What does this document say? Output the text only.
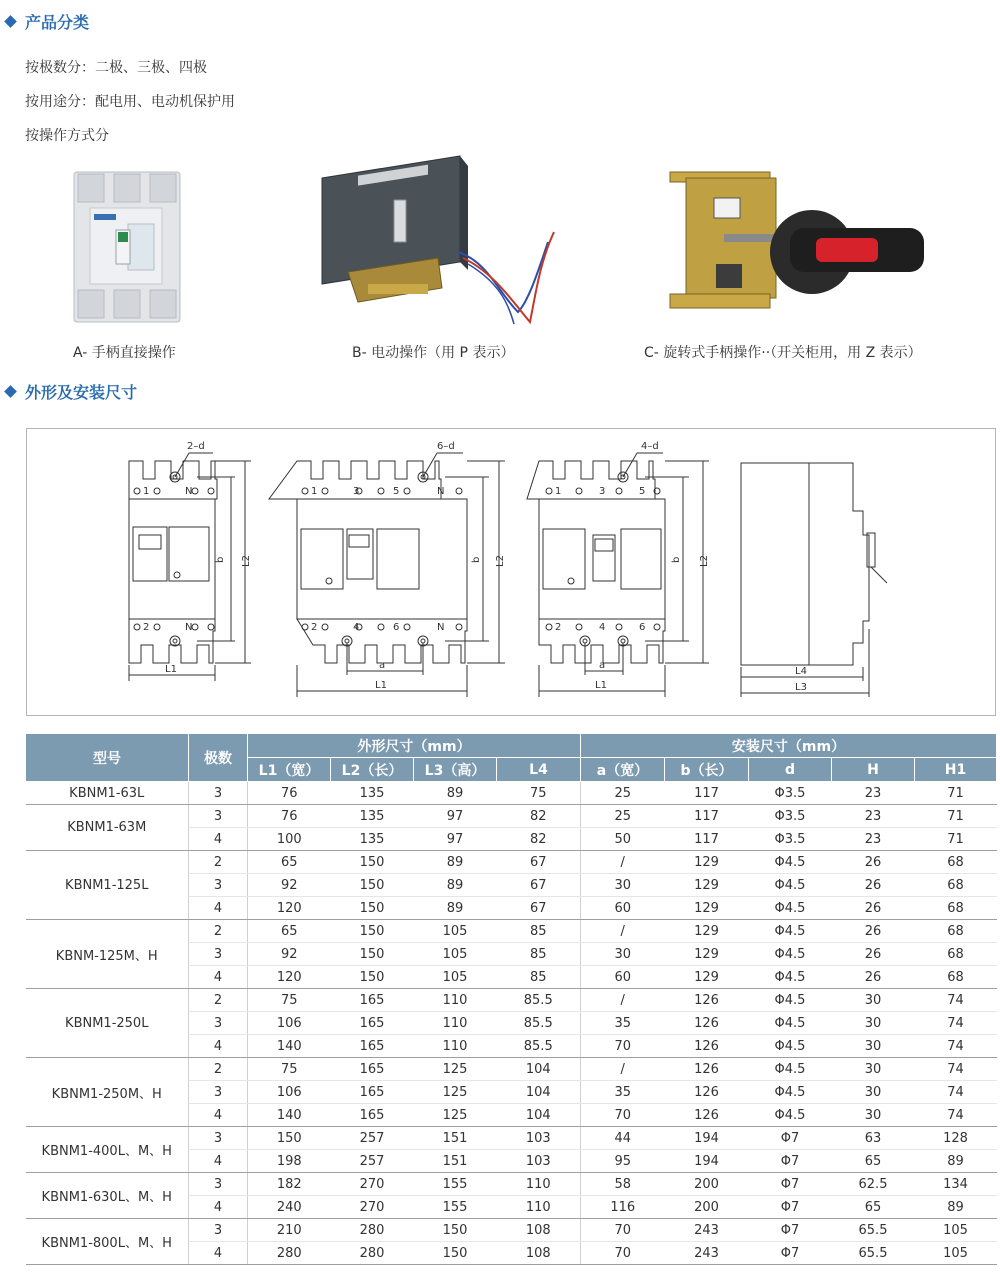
产品分类
按极数分：二极、三极、四极
按用途分：配电用、电动机保护用
按操作方式分
A- 手柄直接操作	B- 电动操作（用 P 表示）	C- 旋转式手柄操作··（开关柜用，用 Z 表示）
外形及安装尺寸
2–d
1	N
2	N
b L2
L1
6–d
1	3	5	N
2	4	6	N
b L2
a
L1
4–d
1	3	5
2	4	6
b L2
a
L1
L4
L3
型号	极数	外形尺寸（mm）				安装尺寸（mm）				
		L1（宽）	L2（长）	L3（高）	L4	a（宽）	b（长）	d	H	H1
KBNM1-63L	3	76	135	89	75	25	117	Φ3.5	23	71
KBNM1-63M	3	76	135	97	82	25	117	Φ3.5	23	71
	4	100	135	97	82	50	117	Φ3.5	23	71
KBNM1-125L	2	65	150	89	67	/	129	Φ4.5	26	68
	3	92	150	89	67	30	129	Φ4.5	26	68
	4	120	150	89	67	60	129	Φ4.5	26	68
KBNM-125M、H	2	65	150	105	85	/	129	Φ4.5	26	68
	3	92	150	105	85	30	129	Φ4.5	26	68
	4	120	150	105	85	60	129	Φ4.5	26	68
KBNM1-250L	2	75	165	110	85.5	/	126	Φ4.5	30	74
	3	106	165	110	85.5	35	126	Φ4.5	30	74
	4	140	165	110	85.5	70	126	Φ4.5	30	74
KBNM1-250M、H	2	75	165	125	104	/	126	Φ4.5	30	74
	3	106	165	125	104	35	126	Φ4.5	30	74
	4	140	165	125	104	70	126	Φ4.5	30	74
KBNM1-400L、M、H	3	150	257	151	103	44	194	Φ7	63	128
	4	198	257	151	103	95	194	Φ7	65	89
KBNM1-630L、M、H	3	182	270	155	110	58	200	Φ7	62.5	134
	4	240	270	155	110	116	200	Φ7	65	89
KBNM1-800L、M、H	3	210	280	150	108	70	243	Φ7	65.5	105
	4	280	280	150	108	70	243	Φ7	65.5	105
